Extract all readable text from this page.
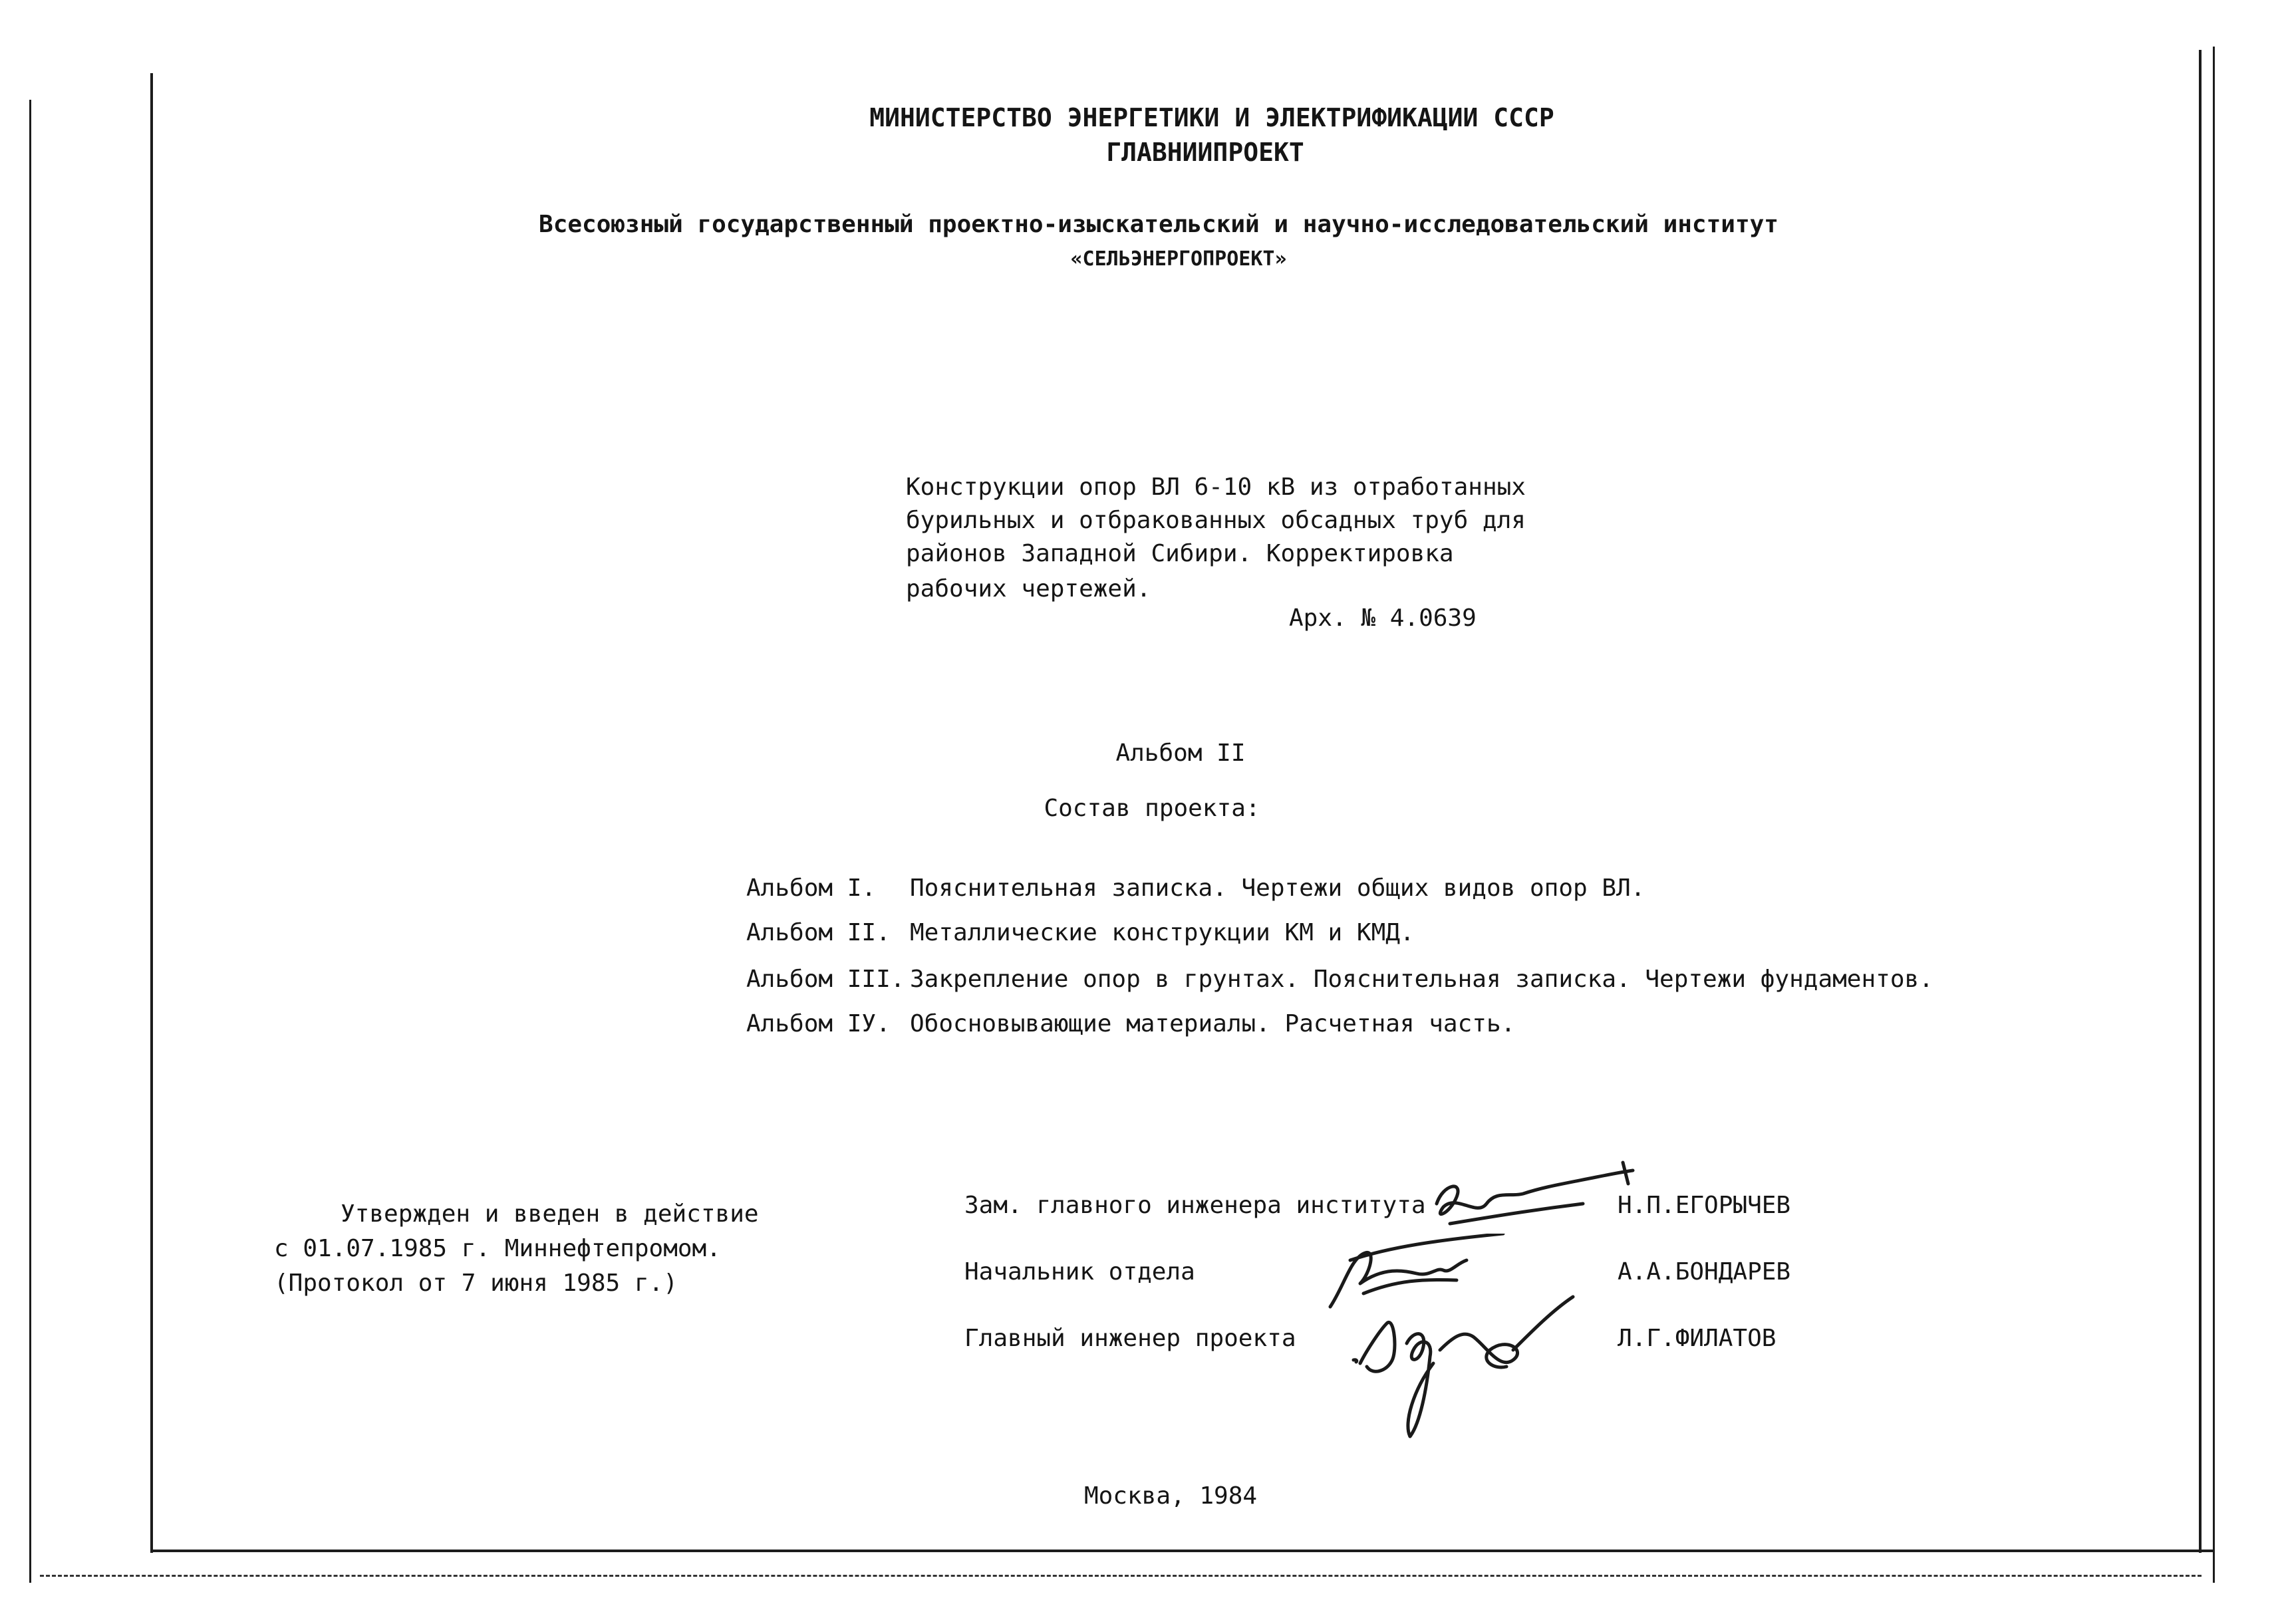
МИНИСТЕРСТВО ЭНЕРГЕТИКИ И ЭЛЕКТРИФИКАЦИИ СССР
ГЛАВНИИПРОЕКТ
Всесоюзный государственный проектно-изыскательский и научно-исследовательский институт
«СЕЛЬЭНЕРГОПРОЕКТ»
Конструкции опор ВЛ 6-10 кВ из отработанных
бурильных и отбракованных обсадных труб для
районов Западной Сибири. Корректировка
рабочих чертежей.
Арх. № 4.0639
Альбом II
Состав проекта:
Альбом I. Пояснительная записка. Чертежи общих видов опор ВЛ.
Альбом II. Металлические конструкции КМ и КМД.
Альбом III. Закрепление опор в грунтах. Пояснительная записка. Чертежи фундаментов.
Альбом IУ. Обосновывающие материалы. Расчетная часть.
Утвержден и введен в действие
с 01.07.1985 г. Миннефтепромом.
(Протокол от 7 июня 1985 г.)
Зам. главного инженера института	Н.П.ЕГОРЫЧЕВ
Начальник отдела	А.А.БОНДАРЕВ
Главный инженер проекта	Л.Г.ФИЛАТОВ
Москва, 1984
